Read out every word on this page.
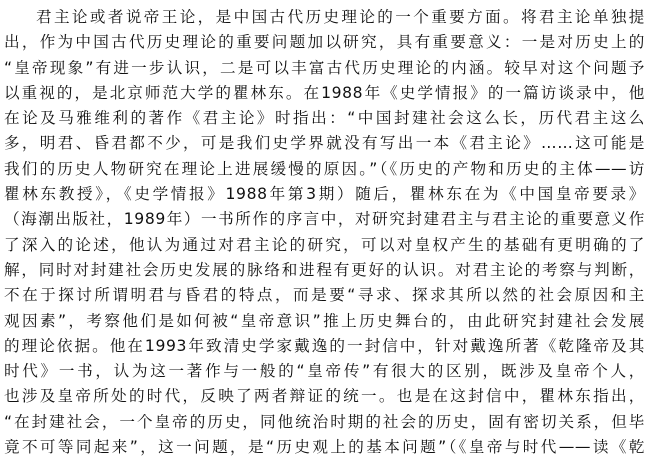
君主论或者说帝王论，是中国古代历史理论的一个重要方面。将君主论单独提
出，作为中国古代历史理论的重要问题加以研究，具有重要意义：一是对历史上的
“皇帝现象”有进一步认识，二是可以丰富古代历史理论的内涵。较早对这个问题予
以重视的，是北京师范大学的瞿林东。在1988年《史学情报》的一篇访谈录中，他
在论及马雅维利的著作《君主论》时指出：“中国封建社会这么长，历代君主这么
多，明君、昏君都不少，可是我们史学界就没有写出一本《君主论》……这可能是
我们的历史人物研究在理论上进展缓慢的原因。”（《历史的产物和历史的主体——访
瞿林东教授》，《史学情报》1988年第3期）随后，瞿林东在为《中国皇帝要录》
（海潮出版社，1989年）一书所作的序言中，对研究封建君主与君主论的重要意义作
了深入的论述，他认为通过对君主论的研究，可以对皇权产生的基础有更明确的了
解，同时对封建社会历史发展的脉络和进程有更好的认识。对君主论的考察与判断，
不在于探讨所谓明君与昏君的特点，而是要“寻求、探求其所以然的社会原因和主
观因素”，考察他们是如何被“皇帝意识”推上历史舞台的，由此研究封建社会发展
的理论依据。他在1993年致清史学家戴逸的一封信中，针对戴逸所著《乾隆帝及其
时代》一书，认为这一著作与一般的“皇帝传”有很大的区别，既涉及皇帝个人，
也涉及皇帝所处的时代，反映了两者辩证的统一。也是在这封信中，瞿林东指出，
“在封建社会，一个皇帝的历史，同他统治时期的社会的历史，固有密切关系，但毕
竟不可等同起来”，这一问题，是“历史观上的基本问题”（《皇帝与时代——读《乾
